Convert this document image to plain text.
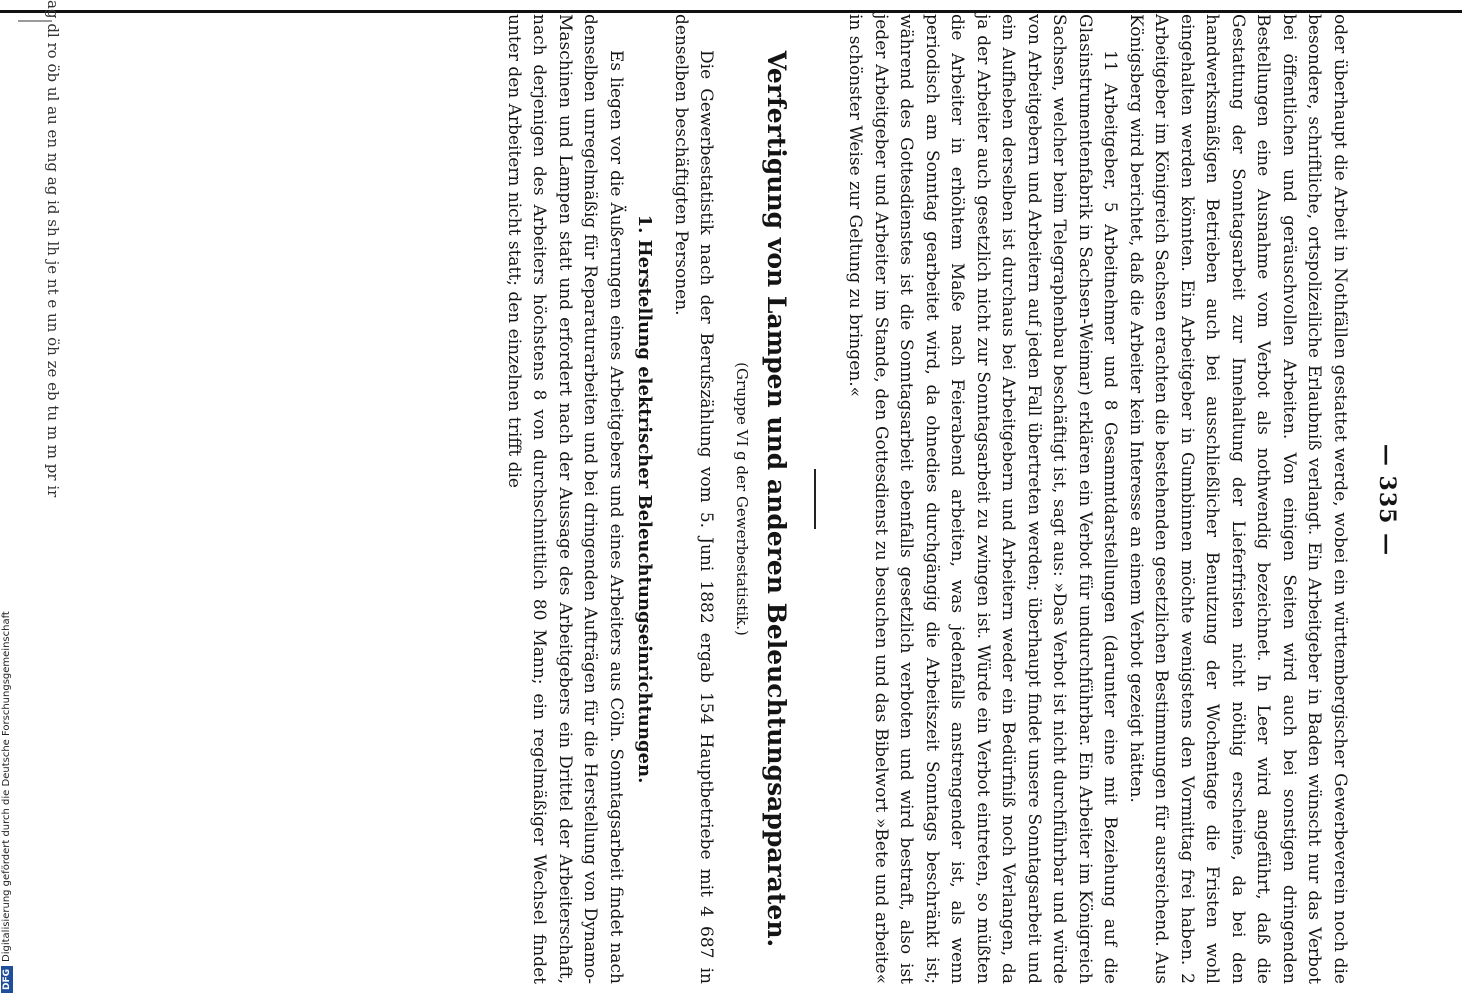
DFG
Digitalisierung gefördert durch die Deutsche Forschungsgemeinschaft
— 335 —

oder überhaupt die Arbeit in Nothfällen gestattet werde, wobei ein württembergischer Gewerbeverein noch die besondere, schriftliche, ortspolizeiliche Erlaubniß verlangt. Ein Arbeitgeber in Baden wünscht nur das Verbot bei öffentlichen und geräuschvollen Arbeiten. Von einigen Seiten wird auch bei sonstigen dringenden Bestellungen eine Ausnahme vom Verbot als nothwendig bezeichnet. In Leer wird angeführt, daß die Gestattung der Sonntagsarbeit zur Innehaltung der Lieferfristen nicht nöthig erscheine, da bei den handwerksmäßigen Betrieben auch bei ausschließlicher Benutzung der Wochentage die Fristen wohl eingehalten werden könnten. Ein Arbeitgeber in Gumbinnen möchte wenigstens den Vormittag frei haben. 2 Arbeitgeber im Königreich Sachsen erachten die bestehenden gesetzlichen Bestimmungen für ausreichend. Aus Königsberg wird berichtet, daß die Arbeiter kein Interesse an einem Verbot gezeigt hätten.

11 Arbeitgeber, 5 Arbeitnehmer und 8 Gesammtdarstellungen (darunter eine mit Beziehung auf die Glasinstrumentenfabrik in Sachsen-Weimar) erklären ein Verbot für undurchführbar. Ein Arbeiter im Königreich Sachsen, welcher beim Telegraphenbau beschäftigt ist, sagt aus: »Das Verbot ist nicht durchführbar und würde von Arbeitgebern und Arbeitern auf jeden Fall übertreten werden; überhaupt findet unsere Sonntagsarbeit und ein Aufheben derselben ist durchaus bei Arbeitgebern und Arbeitern weder ein Bedürfniß noch Verlangen, da ja der Arbeiter auch gesetzlich nicht zur Sonntagsarbeit zu zwingen ist. Würde ein Verbot eintreten, so müßten die Arbeiter in erhöhtem Maße nach Feierabend arbeiten, was jedenfalls anstrengender ist, als wenn periodisch am Sonntag gearbeitet wird, da ohnedies durchgängig die Arbeitszeit Sonntags beschränkt ist; während des Gottesdienstes ist die Sonntagsarbeit ebenfalls gesetzlich verboten und wird bestraft, also ist jeder Arbeitgeber und Arbeiter im Stande, den Gottesdienst zu besuchen und das Bibelwort »Bete und arbeite« in schönster Weise zur Geltung zu bringen.«

Verfertigung von Lampen und anderen Beleuchtungsapparaten.
(Gruppe VI g der Gewerbestatistik.)

Die Gewerbestatistik nach der Berufszählung vom 5. Juni 1882 ergab 154 Hauptbetriebe mit 4 687 in denselben beschäftigten Personen.

1. Herstellung elektrischer Beleuchtungseinrichtungen.

Es liegen vor die Äußerungen eines Arbeitgebers und eines Arbeiters aus Cöln. Sonntagsarbeit findet nach denselben unregelmäßig für Reparaturarbeiten und bei dringenden Aufträgen für die Herstellung von Dynamo-Maschinen und Lampen statt und erfordert nach der Aussage des Arbeitgebers ein Drittel der Arbeiterschaft, nach derjenigen des Arbeiters höchstens 8 von durchschnittlich 80 Mann; ein regelmäßiger Wechsel findet unter den Arbeitern nicht statt; den einzelnen trifft die

ag dl ro öb ul au en ng ag id sh lh je nt e un öh ze eb tu m m pr ir
